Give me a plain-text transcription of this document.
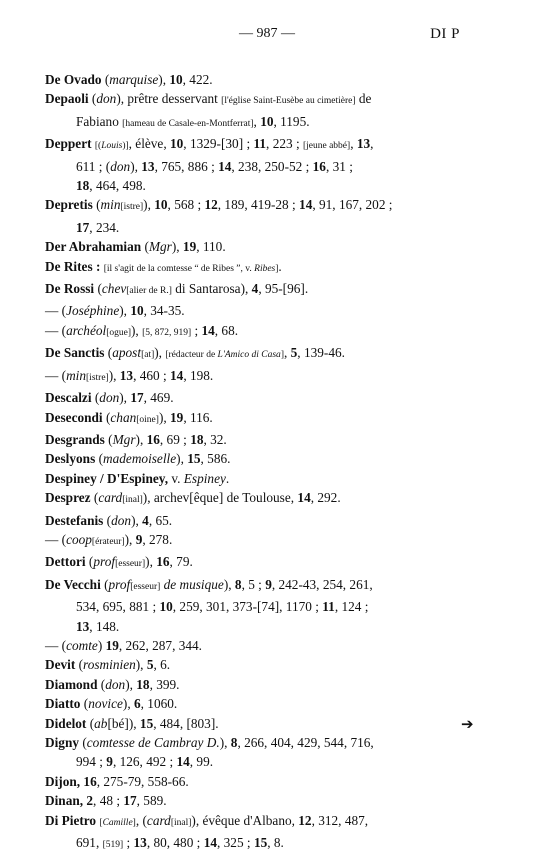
— 987 —	DI P
De Ovado (marquise), 10, 422.
Depaoli (don), prêtre desservant [l'église Saint-Eusèbe au cimetière] de
Fabiano [hameau de Casale-en-Montferrat], 10, 1195.
Deppert [(Louis)], élève, 10, 1329-[30] ; 11, 223 ; [jeune abbé], 13,
611 ; (don), 13, 765, 886 ; 14, 238, 250-52 ; 16, 31 ;
18, 464, 498.
Depretis (min[istre]), 10, 568 ; 12, 189, 419-28 ; 14, 91, 167, 202 ;
17, 234.
Der Abrahamian (Mgr), 19, 110.
De Rites : [il s'agit de la comtesse “ de Ribes ”, v. Ribes].
De Rossi (chev[alier de R.] di Santarosa), 4, 95-[96].
— (Joséphine), 10, 34-35.
— (archéol[ogue]), [5, 872, 919] ; 14, 68.
De Sanctis (apost[at]), [rédacteur de L'Amico di Casa], 5, 139-46.
— (min[istre]), 13, 460 ; 14, 198.
Descalzi (don), 17, 469.
Desecondi (chan[oine]), 19, 116.
Desgrands (Mgr), 16, 69 ; 18, 32.
Deslyons (mademoiselle), 15, 586.
Despiney / D'Espiney, v. Espiney.
Desprez (card[inal]), archev[êque] de Toulouse, 14, 292.
Destefanis (don), 4, 65.
— (coop[érateur]), 9, 278.
Dettori (prof[esseur]), 16, 79.
De Vecchi (prof[esseur] de musique), 8, 5 ; 9, 242-43, 254, 261,
534, 695, 881 ; 10, 259, 301, 373-[74], 1170 ; 11, 124 ;
13, 148.
— (comte) 19, 262, 287, 344.
Devit (rosminien), 5, 6.
Diamond (don), 18, 399.
Diatto (novice), 6, 1060.
Didelot (ab[bé]), 15, 484, [803].
Digny (comtesse de Cambray D.), 8, 266, 404, 429, 544, 716,
994 ; 9, 126, 492 ; 14, 99.
Dijon, 16, 275-79, 558-66.
Dinan, 2, 48 ; 17, 589.
Di Pietro [Camille], (card[inal]), évêque d'Albano, 12, 312, 487,
691, [519] ; 13, 80, 480 ; 14, 325 ; 15, 8.
➔
